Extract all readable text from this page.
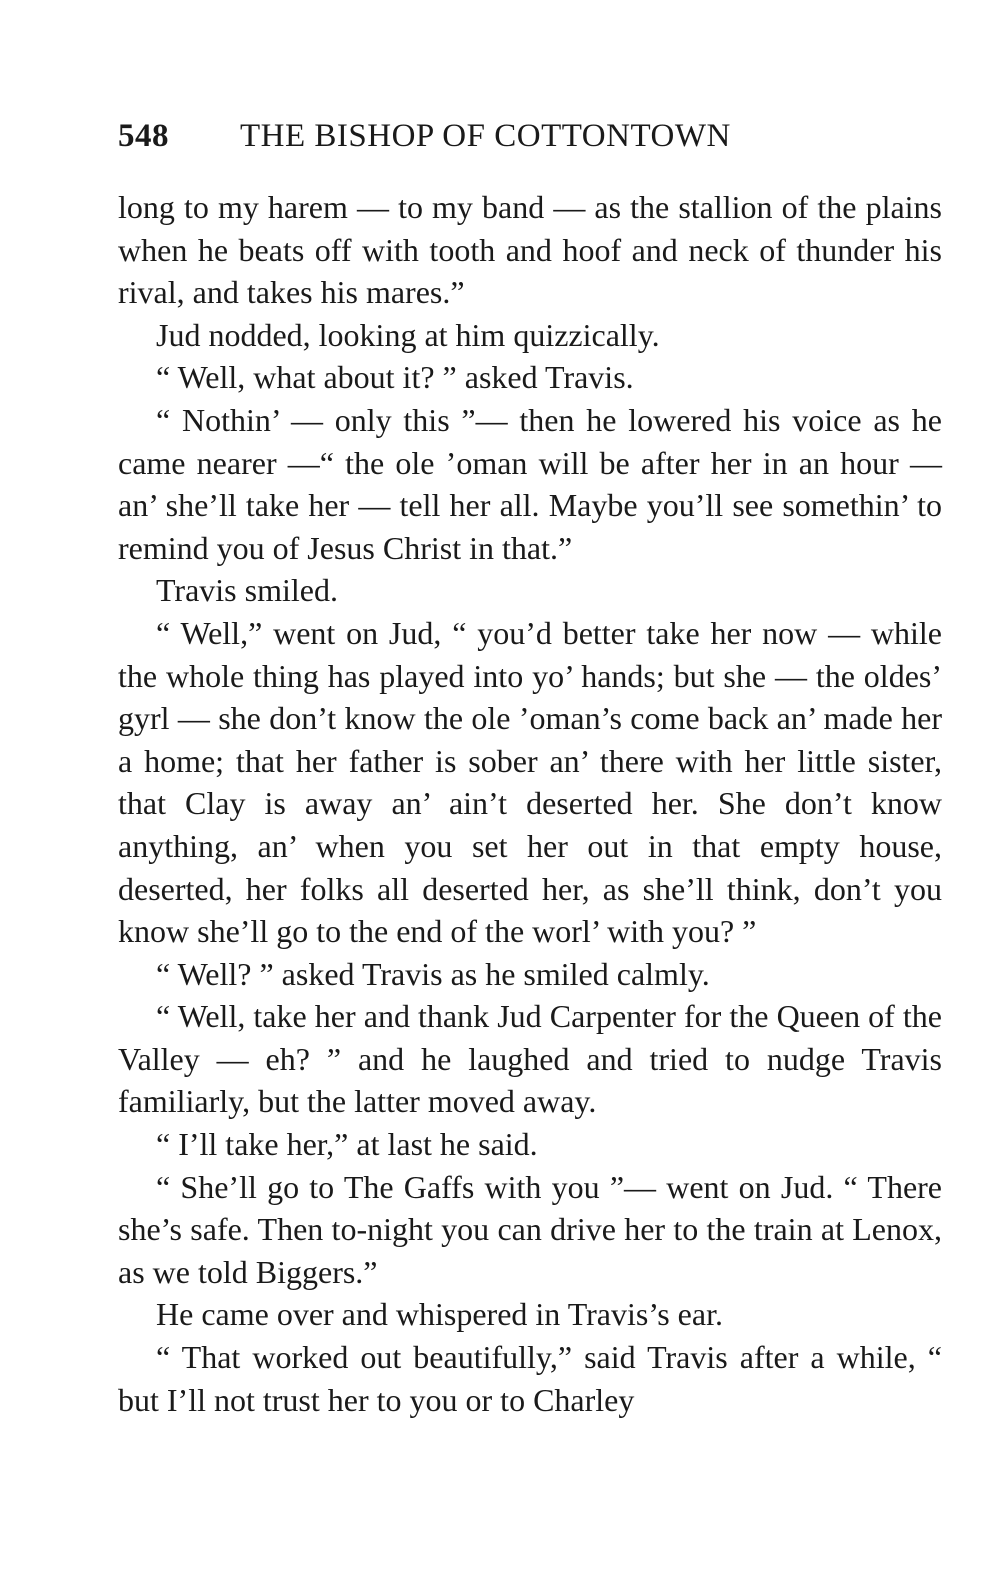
548	THE BISHOP OF COTTONTOWN

long to my harem — to my band — as the stallion of the plains when he beats off with tooth and hoof and neck of thunder his rival, and takes his mares.”

Jud nodded, looking at him quizzically.

“ Well, what about it? ” asked Travis.

“ Nothin’ — only this ”— then he lowered his voice as he came nearer —“ the ole ’oman will be after her in an hour — an’ she’ll take her — tell her all. Maybe you’ll see somethin’ to remind you of Jesus Christ in that.”

Travis smiled.

“ Well,” went on Jud, “ you’d better take her now — while the whole thing has played into yo’ hands; but she — the oldes’ gyrl — she don’t know the ole ’oman’s come back an’ made her a home; that her father is sober an’ there with her little sister, that Clay is away an’ ain’t deserted her. She don’t know anything, an’ when you set her out in that empty house, deserted, her folks all deserted her, as she’ll think, don’t you know she’ll go to the end of the worl’ with you? ”

“ Well? ” asked Travis as he smiled calmly.

“ Well, take her and thank Jud Carpenter for the Queen of the Valley — eh? ” and he laughed and tried to nudge Travis familiarly, but the latter moved away.

“ I’ll take her,” at last he said.

“ She’ll go to The Gaffs with you ”— went on Jud. “ There she’s safe. Then to-night you can drive her to the train at Lenox, as we told Biggers.”

He came over and whispered in Travis’s ear.

“ That worked out beautifully,” said Travis after a while, “ but I’ll not trust her to you or to Charley
